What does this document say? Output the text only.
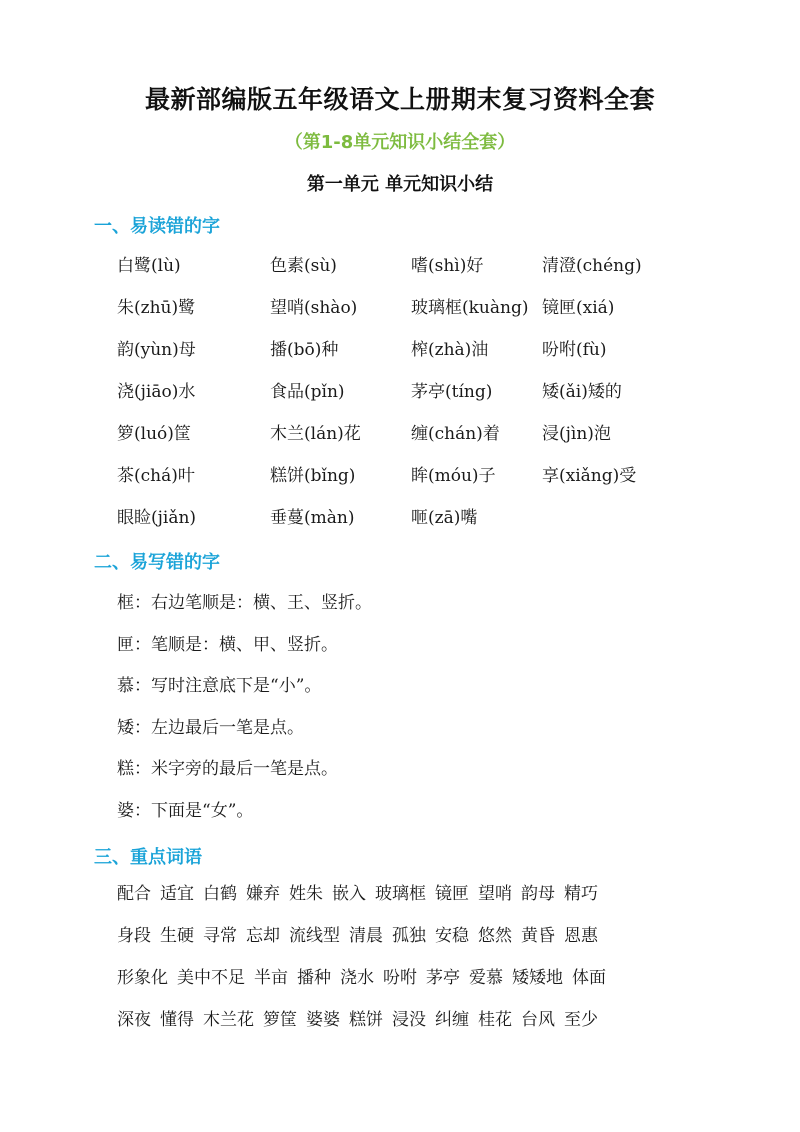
最新部编版五年级语文上册期末复习资料全套
（第1-8单元知识小结全套）
第一单元 单元知识小结
一、易读错的字
白鹭(lù)	色素(sù)	嗜(shì)好	清澄(chéng)
朱(zhū)鹭	望哨(shào)	玻璃框(kuàng) 镜匣(xiá)
韵(yùn)母	播(bō)种	榨(zhà)油	吩咐(fù)
浇(jiāo)水	食品(pǐn)	茅亭(tíng)	矮(ǎi)矮的
箩(luó)筐	木兰(lán)花	缠(chán)着	浸(jìn)泡
茶(chá)叶	糕饼(bǐng)	眸(móu)子	享(xiǎng)受
眼睑(jiǎn)	垂蔓(màn)	咂(zā)嘴
二、易写错的字
框：右边笔顺是：横、王、竖折。
匣：笔顺是：横、甲、竖折。
慕：写时注意底下是“小”。
矮：左边最后一笔是点。
糕：米字旁的最后一笔是点。
婆：下面是“女”。
三、重点词语
配合 适宜 白鹤 嫌弃 姓朱 嵌入 玻璃框 镜匣 望哨 韵母 精巧
身段 生硬 寻常 忘却 流线型 清晨 孤独 安稳 悠然 黄昏 恩惠
形象化 美中不足 半亩 播种 浇水 吩咐 茅亭 爱慕 矮矮地 体面
深夜 懂得 木兰花 箩筐 婆婆 糕饼 浸没 纠缠 桂花 台风 至少
